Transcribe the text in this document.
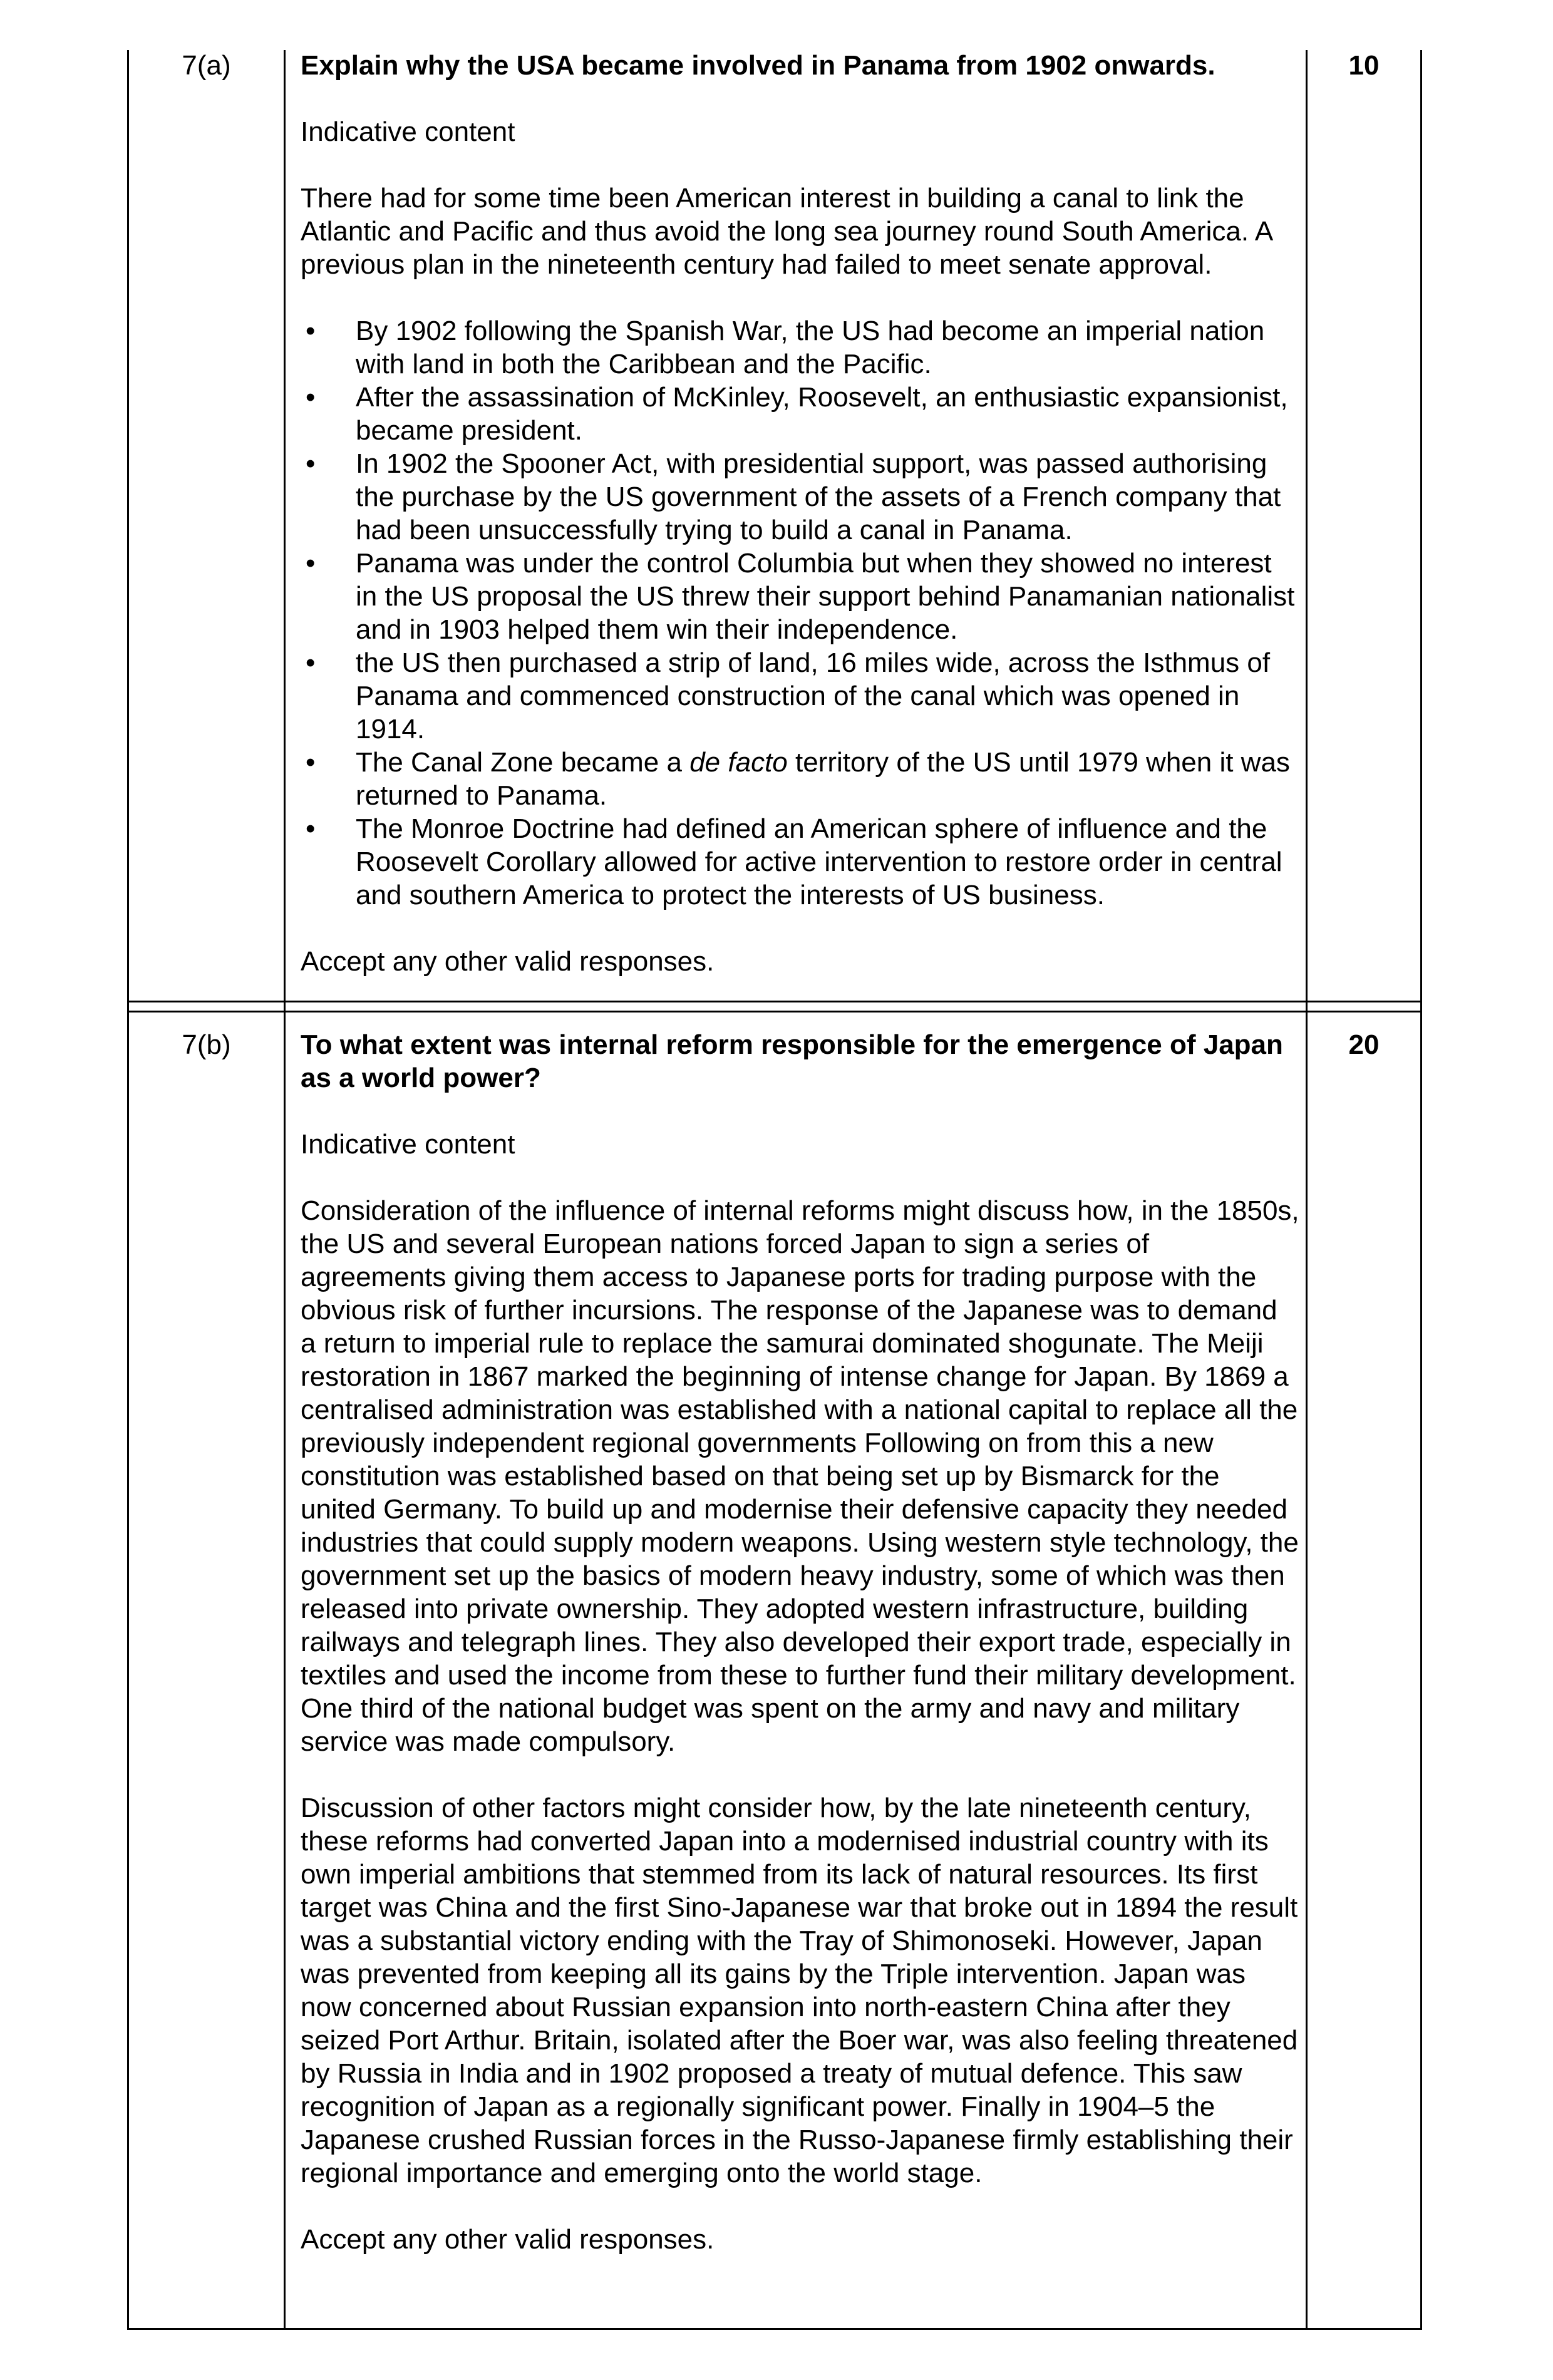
7(a)	10

Explain why the USA became involved in Panama from 1902 onwards.

Indicative content

There had for some time been American interest in building a canal to link the Atlantic and Pacific and thus avoid the long sea journey round South America. A previous plan in the nineteenth century had failed to meet senate approval.

• By 1902 following the Spanish War, the US had become an imperial nation with land in both the Caribbean and the Pacific.
• After the assassination of McKinley, Roosevelt, an enthusiastic expansionist, became president.
• In 1902 the Spooner Act, with presidential support, was passed authorising the purchase by the US government of the assets of a French company that had been unsuccessfully trying to build a canal in Panama.
• Panama was under the control Columbia but when they showed no interest in the US proposal the US threw their support behind Panamanian nationalist and in 1903 helped them win their independence.
• the US then purchased a strip of land, 16 miles wide, across the Isthmus of Panama and commenced construction of the canal which was opened in 1914.
• The Canal Zone became a de facto territory of the US until 1979 when it was returned to Panama.
• The Monroe Doctrine had defined an American sphere of influence and the Roosevelt Corollary allowed for active intervention to restore order in central and southern America to protect the interests of US business.

Accept any other valid responses.

7(b)	20

To what extent was internal reform responsible for the emergence of Japan as a world power?

Indicative content

Consideration of the influence of internal reforms might discuss how, in the 1850s, the US and several European nations forced Japan to sign a series of agreements giving them access to Japanese ports for trading purpose with the obvious risk of further incursions. The response of the Japanese was to demand a return to imperial rule to replace the samurai dominated shogunate. The Meiji restoration in 1867 marked the beginning of intense change for Japan. By 1869 a centralised administration was established with a national capital to replace all the previously independent regional governments Following on from this a new constitution was established based on that being set up by Bismarck for the united Germany. To build up and modernise their defensive capacity they needed industries that could supply modern weapons. Using western style technology, the government set up the basics of modern heavy industry, some of which was then released into private ownership. They adopted western infrastructure, building railways and telegraph lines. They also developed their export trade, especially in textiles and used the income from these to further fund their military development. One third of the national budget was spent on the army and navy and military service was made compulsory.

Discussion of other factors might consider how, by the late nineteenth century, these reforms had converted Japan into a modernised industrial country with its own imperial ambitions that stemmed from its lack of natural resources. Its first target was China and the first Sino-Japanese war that broke out in 1894 the result was a substantial victory ending with the Tray of Shimonoseki. However, Japan was prevented from keeping all its gains by the Triple intervention. Japan was now concerned about Russian expansion into north-eastern China after they seized Port Arthur. Britain, isolated after the Boer war, was also feeling threatened by Russia in India and in 1902 proposed a treaty of mutual defence. This saw recognition of Japan as a regionally significant power. Finally in 1904–5 the Japanese crushed Russian forces in the Russo-Japanese firmly establishing their regional importance and emerging onto the world stage.

Accept any other valid responses.
